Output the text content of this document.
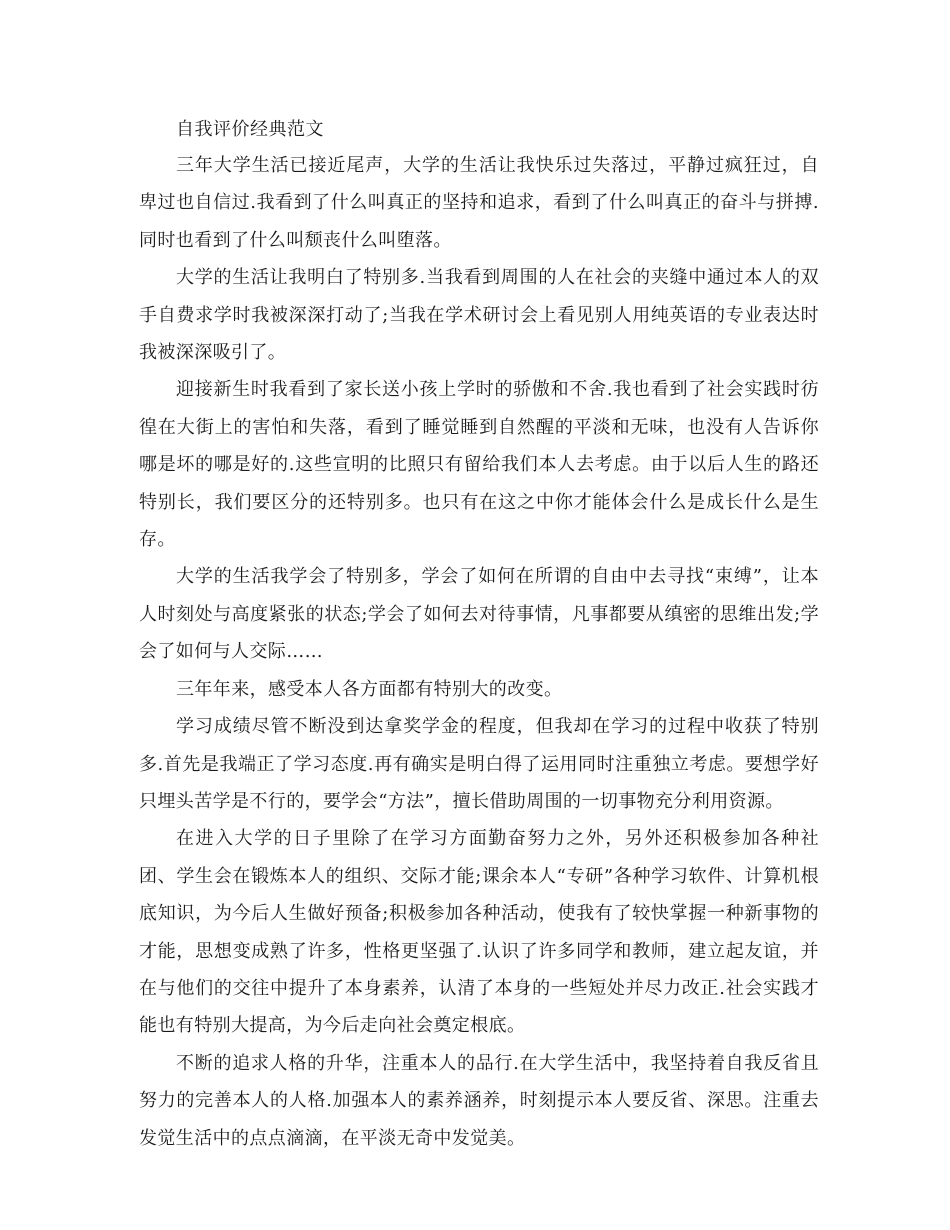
自我评价经典范文

三年大学生活已接近尾声，大学的生活让我快乐过失落过，平静过疯狂过，自卑过也自信过.我看到了什么叫真正的坚持和追求，看到了什么叫真正的奋斗与拼搏.同时也看到了什么叫颓丧什么叫堕落。

大学的生活让我明白了特别多.当我看到周围的人在社会的夹缝中通过本人的双手自费求学时我被深深打动了;当我在学术研讨会上看见别人用纯英语的专业表达时我被深深吸引了。

迎接新生时我看到了家长送小孩上学时的骄傲和不舍.我也看到了社会实践时彷徨在大街上的害怕和失落，看到了睡觉睡到自然醒的平淡和无味，也没有人告诉你哪是坏的哪是好的.这些宣明的比照只有留给我们本人去考虑。由于以后人生的路还特别长，我们要区分的还特别多。也只有在这之中你才能体会什么是成长什么是生存。

大学的生活我学会了特别多，学会了如何在所谓的自由中去寻找“束缚”，让本人时刻处与高度紧张的状态;学会了如何去对待事情，凡事都要从缜密的思维出发;学会了如何与人交际……

三年年来，感受本人各方面都有特别大的改变。

学习成绩尽管不断没到达拿奖学金的程度，但我却在学习的过程中收获了特别多.首先是我端正了学习态度.再有确实是明白得了运用同时注重独立考虑。要想学好只埋头苦学是不行的，要学会“方法”，擅长借助周围的一切事物充分利用资源。

在进入大学的日子里除了在学习方面勤奋努力之外，另外还积极参加各种社团、学生会在锻炼本人的组织、交际才能;课余本人“专研”各种学习软件、计算机根底知识，为今后人生做好预备;积极参加各种活动，使我有了较快掌握一种新事物的才能，思想变成熟了许多，性格更坚强了.认识了许多同学和教师，建立起友谊，并在与他们的交往中提升了本身素养，认清了本身的一些短处并尽力改正.社会实践才能也有特别大提高，为今后走向社会奠定根底。

不断的追求人格的升华，注重本人的品行.在大学生活中，我坚持着自我反省且努力的完善本人的人格.加强本人的素养涵养，时刻提示本人要反省、深思。注重去发觉生活中的点点滴滴，在平淡无奇中发觉美。
